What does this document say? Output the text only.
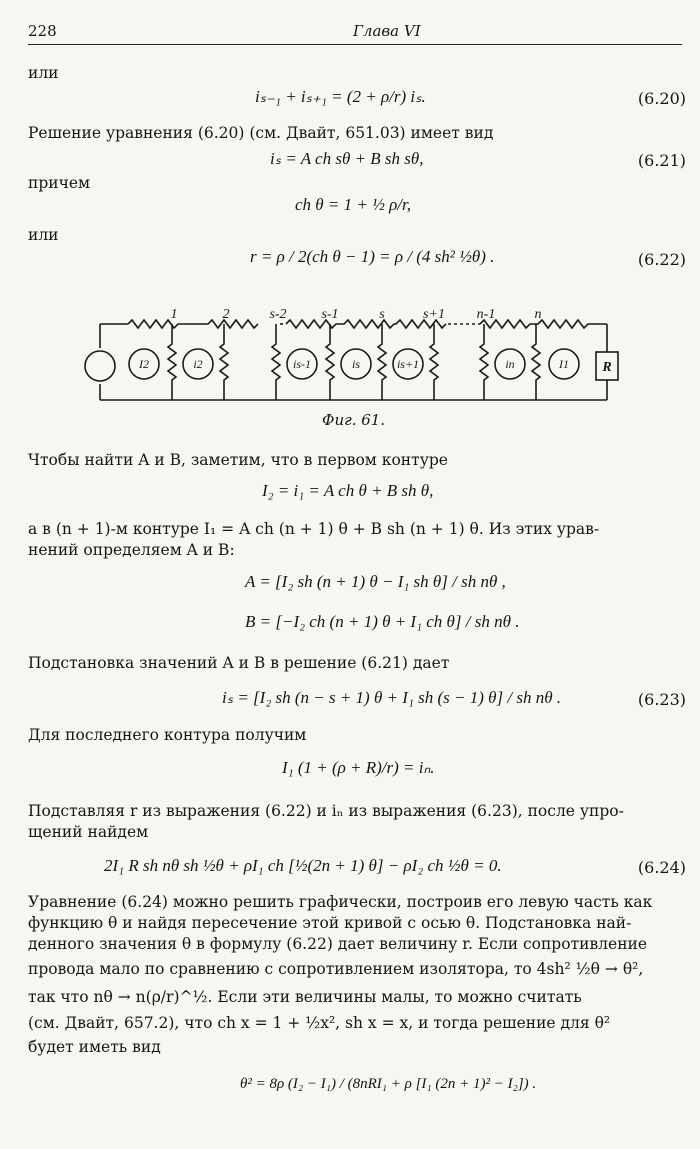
228	Глава VI
или
iₛ₋₁ + iₛ₊₁ = (2 + ρ/r) iₛ.	(6.20)
Решение уравнения (6.20) (см. Двайт, 651.03) имеет вид
iₛ = A ch sθ + B sh sθ,	(6.21)
причем
ch θ = 1 + ½ ρ/r,
или
r = ρ / 2(ch θ − 1) = ρ / (4 sh² ½θ) .	(6.22)
1	2	s-2 s-1	s	s+1 n-1	n
I2	i2	is-1	is	is+1	in	I1 R
Фиг. 61.
Чтобы найти A и B, заметим, что в первом контуре
I₂ = i₁ = A ch θ + B sh θ,
а в (n + 1)-м контуре I₁ = A ch (n + 1) θ + B sh (n + 1) θ. Из этих урав-
нений определяем A и B:
A = [I₂ sh (n + 1) θ − I₁ sh θ] / sh nθ ,
B = [−I₂ ch (n + 1) θ + I₁ ch θ] / sh nθ .
Подстановка значений A и B в решение (6.21) дает
iₛ = [I₂ sh (n − s + 1) θ + I₁ sh (s − 1) θ] / sh nθ .	(6.23)
Для последнего контура получим
I₁ (1 + (ρ + R)/r) = iₙ.
Подставляя r из выражения (6.22) и iₙ из выражения (6.23), после упро-
щений найдем
2I₁ R sh nθ sh ½θ + ρI₁ ch [½(2n + 1) θ] − ρI₂ ch ½θ = 0.	(6.24)
Уравнение (6.24) можно решить графически, построив его левую часть как
функцию θ и найдя пересечение этой кривой с осью θ. Подстановка най-
денного значения θ в формулу (6.22) дает величину r. Если сопротивление
провода мало по сравнению с сопротивлением изолятора, то 4sh² ½θ → θ²,
так что nθ → n(ρ/r)^½. Если эти величины малы, то можно считать
(см. Двайт, 657.2), что ch x = 1 + ½x², sh x = x, и тогда решение для θ²
будет иметь вид
θ² = 8ρ (I₂ − I₁) / (8nRI₁ + ρ [I₁ (2n + 1)² − I₂]) .
